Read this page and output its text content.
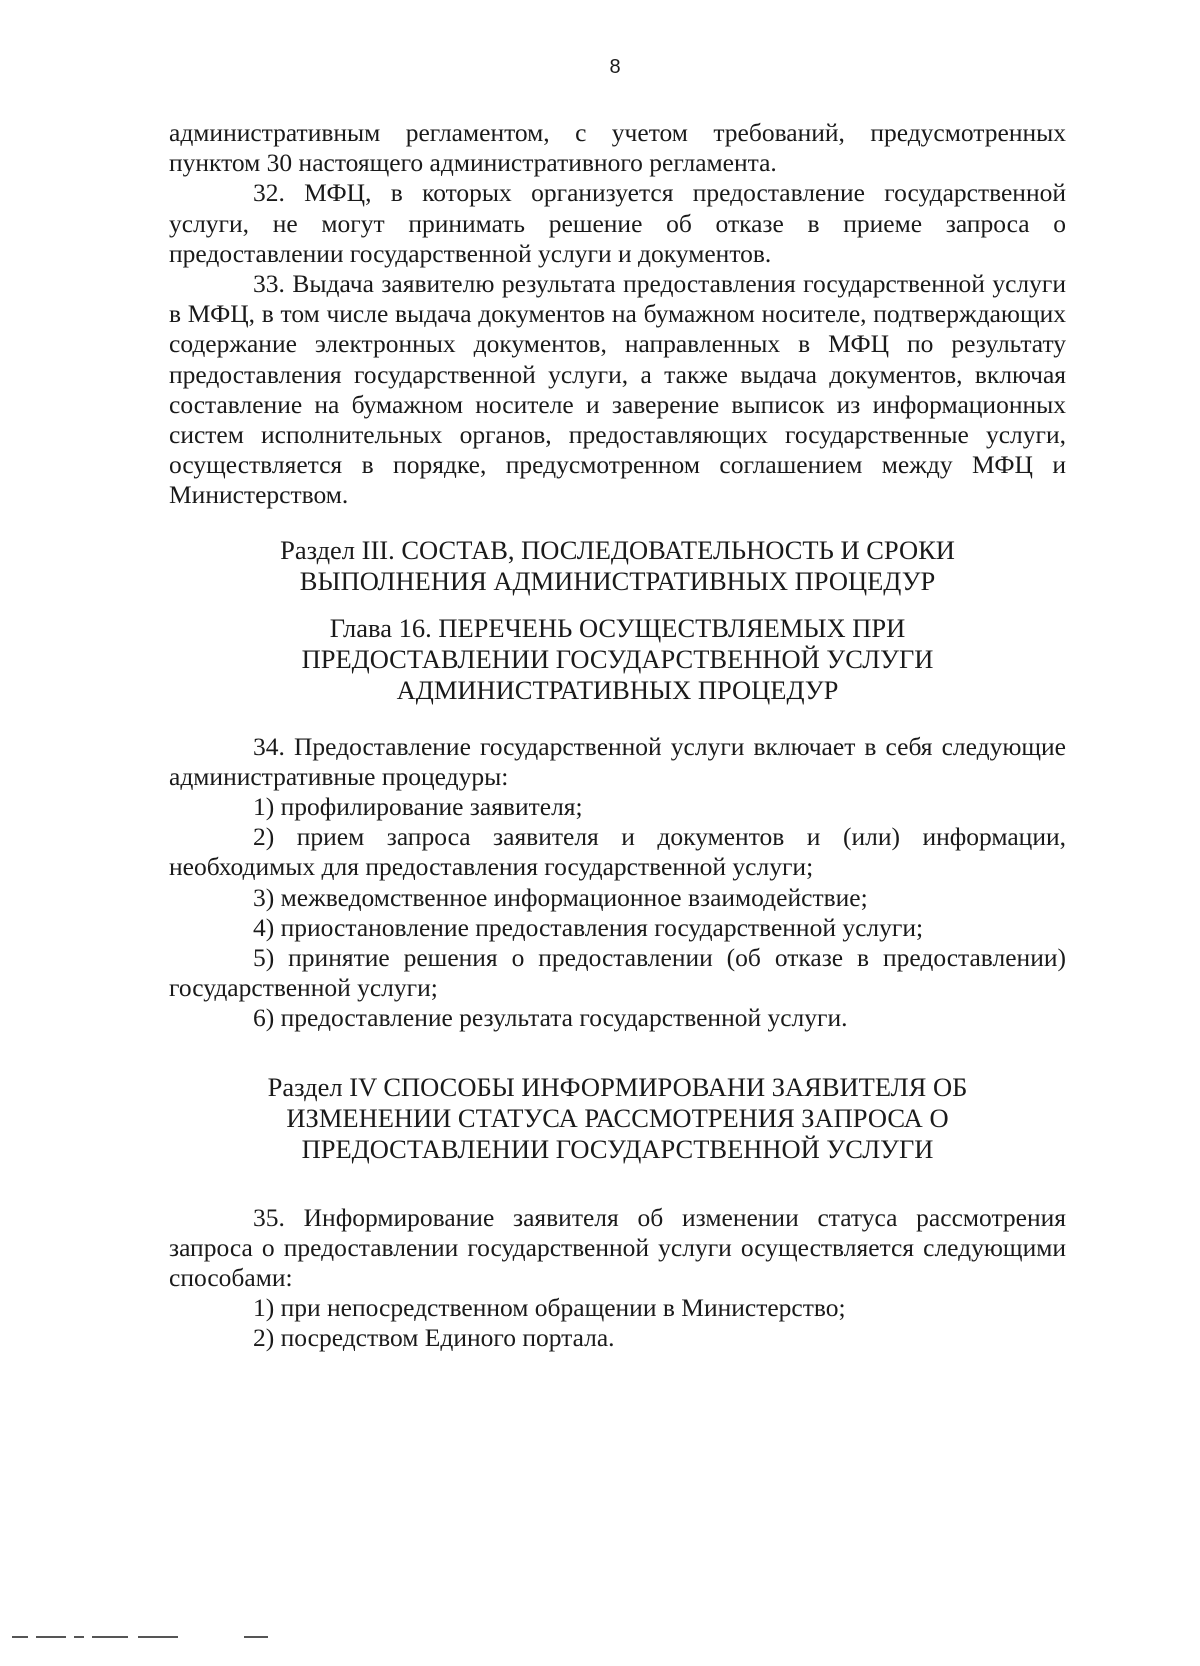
8

административным регламентом, с учетом требований, предусмотренных пунктом 30 настоящего административного регламента.

32. МФЦ, в которых организуется предоставление государственной услуги, не могут принимать решение об отказе в приеме запроса о предоставлении государственной услуги и документов.

33. Выдача заявителю результата предоставления государственной услуги в МФЦ, в том числе выдача документов на бумажном носителе, подтверждающих содержание электронных документов, направленных в МФЦ по результату предоставления государственной услуги, а также выдача документов, включая составление на бумажном носителе и заверение выписок из информационных систем исполнительных органов, предоставляющих государственные услуги, осуществляется в порядке, предусмотренном соглашением между МФЦ и Министерством.

Раздел III. СОСТАВ, ПОСЛЕДОВАТЕЛЬНОСТЬ И СРОКИ
ВЫПОЛНЕНИЯ АДМИНИСТРАТИВНЫХ ПРОЦЕДУР
Глава 16. ПЕРЕЧЕНЬ ОСУЩЕСТВЛЯЕМЫХ ПРИ
ПРЕДОСТАВЛЕНИИ ГОСУДАРСТВЕННОЙ УСЛУГИ
АДМИНИСТРАТИВНЫХ ПРОЦЕДУР

34. Предоставление государственной услуги включает в себя следующие административные процедуры:

1) профилирование заявителя;

2) прием запроса заявителя и документов и (или) информации, необходимых для предоставления государственной услуги;

3) межведомственное информационное взаимодействие;

4) приостановление предоставления государственной услуги;

5) принятие решения о предоставлении (об отказе в предоставлении) государственной услуги;

6) предоставление результата государственной услуги.

Раздел IV СПОСОБЫ ИНФОРМИРОВАНИ ЗАЯВИТЕЛЯ ОБ
ИЗМЕНЕНИИ СТАТУСА РАССМОТРЕНИЯ ЗАПРОСА О
ПРЕДОСТАВЛЕНИИ ГОСУДАРСТВЕННОЙ УСЛУГИ

35. Информирование заявителя об изменении статуса рассмотрения запроса о предоставлении государственной услуги осуществляется следующими способами:

1) при непосредственном обращении в Министерство;

2) посредством Единого портала.
